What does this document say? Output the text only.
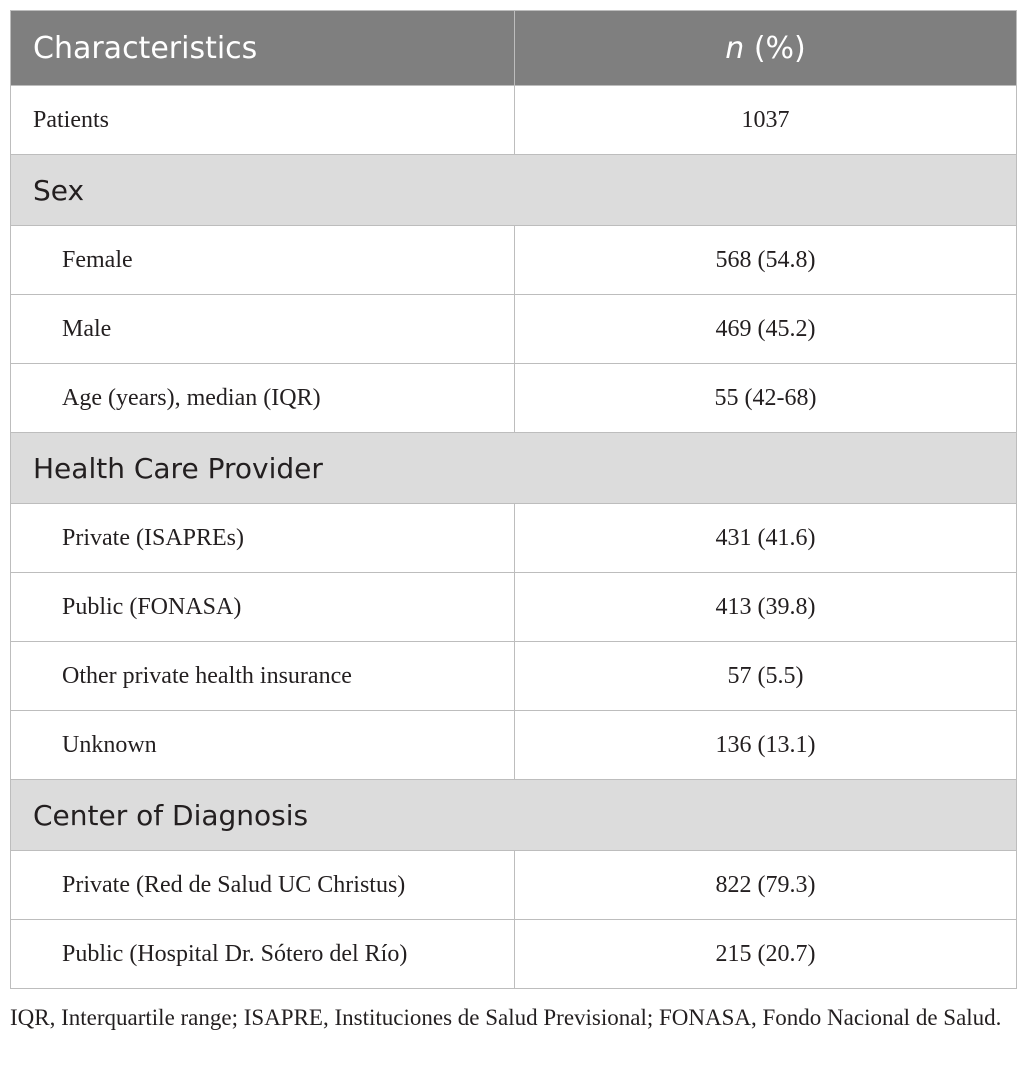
Characteristics	n (%)
Patients	1037
Sex	
Female	568 (54.8)
Male	469 (45.2)
Age (years), median (IQR)	55 (42-68)
Health Care Provider	
Private (ISAPREs)	431 (41.6)
Public (FONASA)	413 (39.8)
Other private health insurance	57 (5.5)
Unknown	136 (13.1)
Center of Diagnosis	
Private (Red de Salud UC Christus)	822 (79.3)
Public (Hospital Dr. Sótero del Río)	215 (20.7)
IQR, Interquartile range; ISAPRE, Instituciones de Salud Previsional; FONASA, Fondo Nacional de Salud.
